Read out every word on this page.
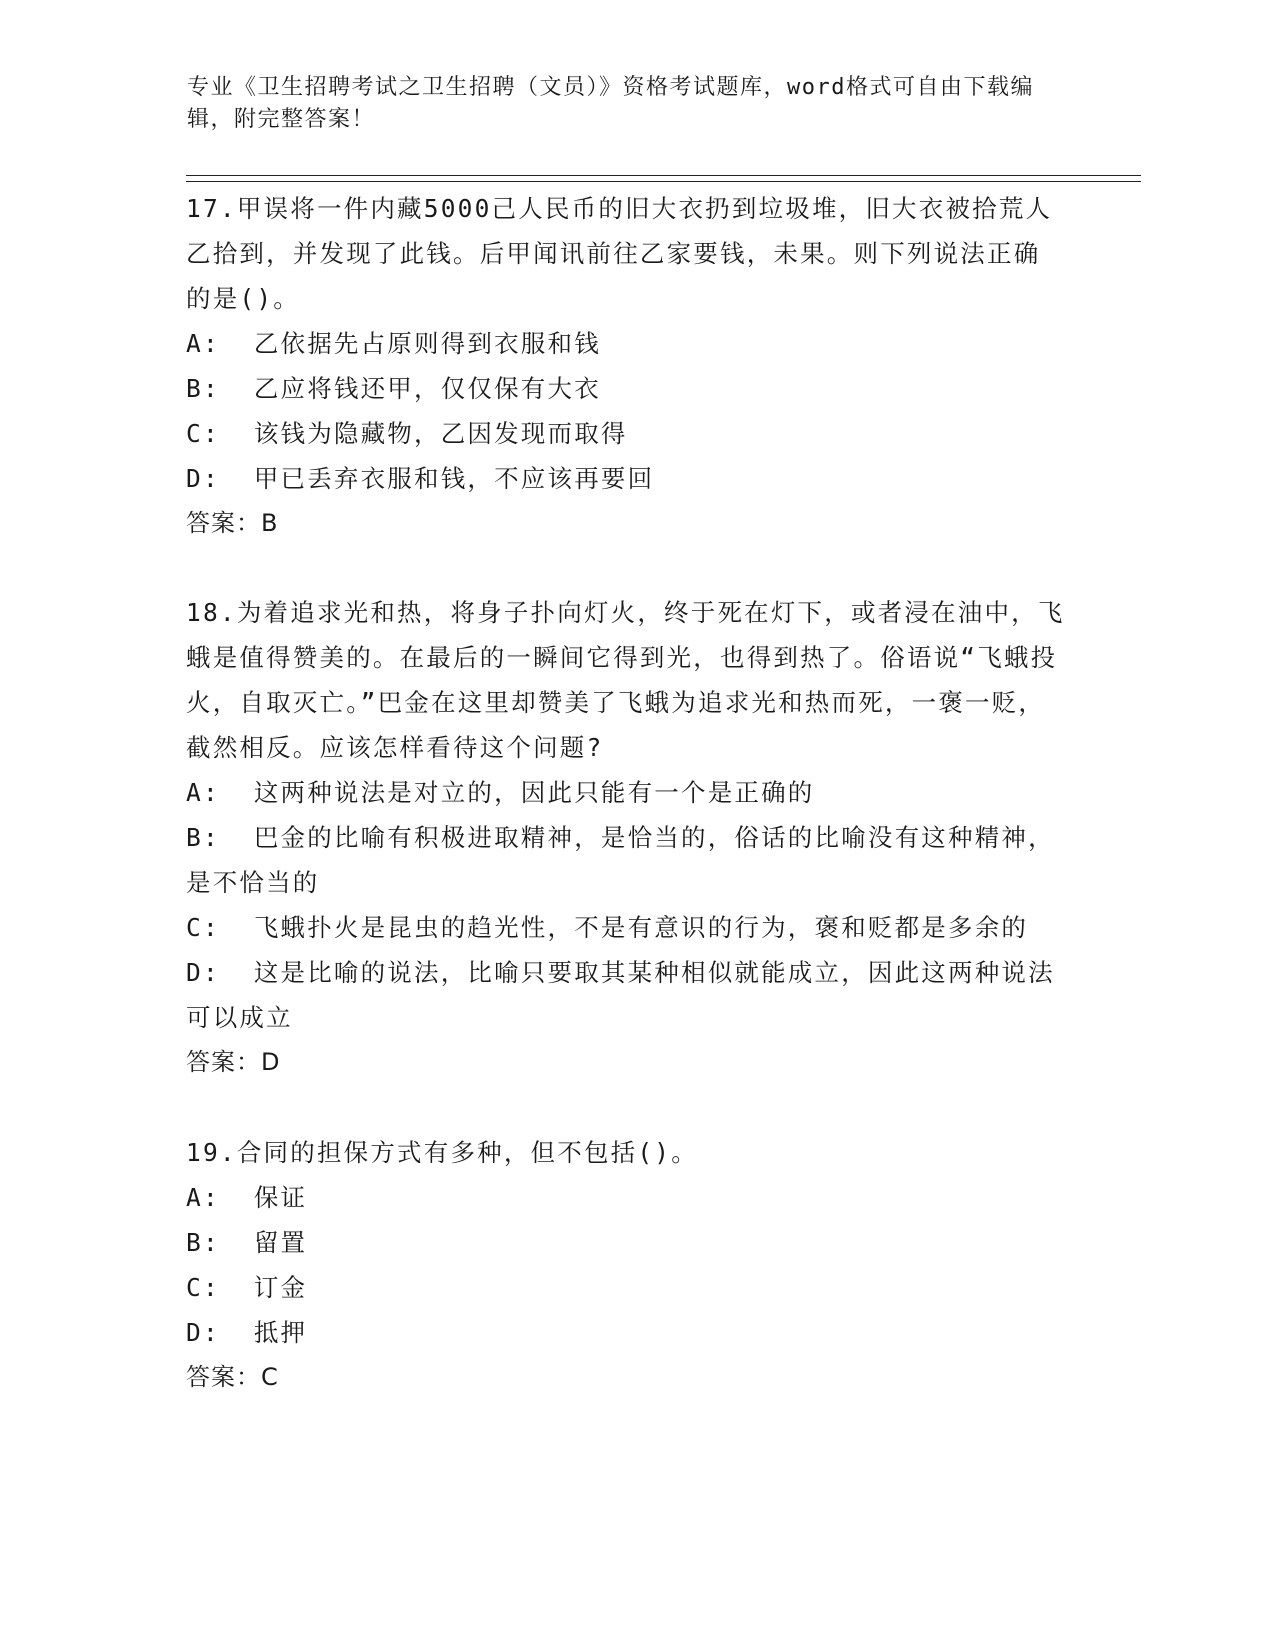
专业《卫生招聘考试之卫生招聘（文员）》资格考试题库，word格式可自由下载编辑，附完整答案！

17.甲误将一件内藏5000己人民币的旧大衣扔到垃圾堆，旧大衣被拾荒人乙拾到，并发现了此钱。后甲闻讯前往乙家要钱，未果。则下列说法正确的是()。

A:  乙依据先占原则得到衣服和钱

B:  乙应将钱还甲，仅仅保有大衣

C:  该钱为隐藏物，乙因发现而取得

D:  甲已丢弃衣服和钱，不应该再要回

答案：B

18.为着追求光和热，将身子扑向灯火，终于死在灯下，或者浸在油中，飞蛾是值得赞美的。在最后的一瞬间它得到光，也得到热了。俗语说“飞蛾投火，自取灭亡。”巴金在这里却赞美了飞蛾为追求光和热而死，一褒一贬，截然相反。应该怎样看待这个问题?

A:  这两种说法是对立的，因此只能有一个是正确的

B:  巴金的比喻有积极进取精神，是恰当的，俗话的比喻没有这种精神，是不恰当的

C:  飞蛾扑火是昆虫的趋光性，不是有意识的行为，褒和贬都是多余的

D:  这是比喻的说法，比喻只要取其某种相似就能成立，因此这两种说法可以成立

答案：D

19.合同的担保方式有多种，但不包括()。

A:  保证

B:  留置

C:  订金

D:  抵押

答案：C
